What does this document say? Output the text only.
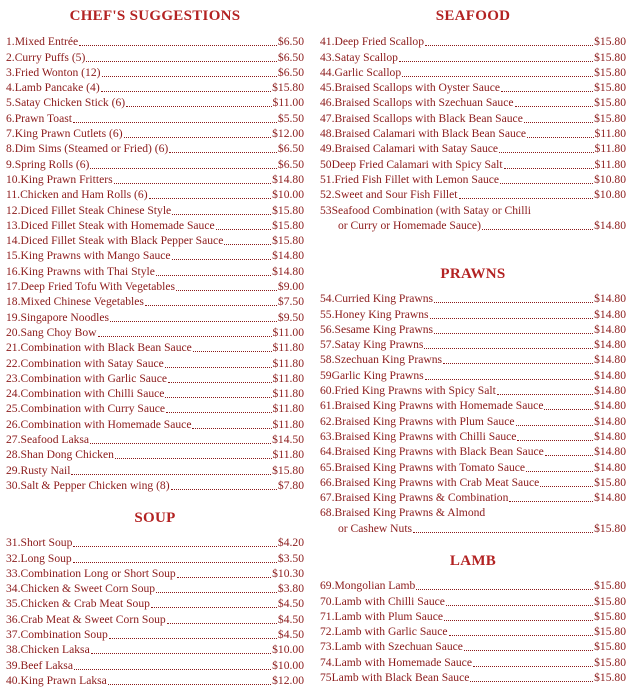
CHEF'S SUGGESTIONS
1. Mixed Entrée	$6.50
2. Curry Puffs (5)	$6.50
3. Fried Wonton (12)	$6.50
4. Lamb Pancake (4)	$15.80
5. Satay Chicken Stick (6)	$11.00
6. Prawn Toast	$5.50
7. King Prawn Cutlets (6)	$12.00
8. Dim Sims (Steamed or Fried) (6)	$6.50
9. Spring Rolls (6)	$6.50
10. King Prawn Fritters	$14.80
11. Chicken and Ham Rolls (6)	$10.00
12. Diced Fillet Steak Chinese Style	$15.80
13. Diced Fillet Steak with Homemade Sauce	$15.80
14. Diced Fillet Steak with Black Pepper Sauce	$15.80
15. King Prawns with Mango Sauce	$14.80
16. King Prawns with Thai Style	$14.80
17. Deep Fried Tofu With Vegetables	$9.00
18. Mixed Chinese Vegetables	$7.50
19. Singapore Noodles	$9.50
20. Sang Choy Bow	$11.00
21. Combination with Black Bean Sauce	$11.80
22. Combination with Satay Sauce	$11.80
23. Combination with Garlic Sauce	$11.80
24. Combination with Chilli Sauce	$11.80
25. Combination with Curry Sauce	$11.80
26. Combination with Homemade Sauce	$11.80
27. Seafood Laksa	$14.50
28. Shan Dong Chicken	$11.80
29. Rusty Nail	$15.80
30. Salt & Pepper Chicken wing (8)	$7.80
SOUP
31. Short Soup	$4.20
32. Long Soup	$3.50
33. Combination Long or Short Soup	$10.30
34. Chicken & Sweet Corn Soup	$3.80
35. Chicken & Crab Meat Soup	$4.50
36. Crab Meat & Sweet Corn Soup	$4.50
37. Combination Soup	$4.50
38. Chicken Laksa	$10.00
39. Beef Laksa	$10.00
40. King Prawn Laksa	$12.00
SEAFOOD
41. Deep Fried Scallop	$15.80
43. Satay Scallop	$15.80
44. Garlic Scallop	$15.80
45. Braised Scallops with Oyster Sauce	$15.80
46. Braised Scallops with Szechuan Sauce	$15.80
47. Braised Scallops with Black Bean Sauce	$15.80
48. Braised Calamari with Black Bean Sauce	$11.80
49. Braised Calamari with Satay Sauce	$11.80
50 Deep Fried Calamari with Spicy Salt	$11.80
51. Fried Fish Fillet with Lemon Sauce	$10.80
52. Sweet and Sour Fish Fillet	$10.80
53 Seafood Combination (with Satay or Chilli
or Curry or Homemade Sauce)	$14.80
PRAWNS
54. Curried King Prawns	$14.80
55. Honey King Prawns	$14.80
56. Sesame King Prawns	$14.80
57. Satay King Prawns	$14.80
58. Szechuan King Prawns	$14.80
59 Garlic King Prawns	$14.80
60. Fried King Prawns with Spicy Salt	$14.80
61. Braised King Prawns with Homemade Sauce	$14.80
62. Braised King Prawns with Plum Sauce	$14.80
63. Braised King Prawns with Chilli Sauce	$14.80
64. Braised King Prawns with Black Bean Sauce	$14.80
65. Braised King Prawns with Tomato Sauce	$14.80
66. Braised King Prawns with Crab Meat Sauce	$15.80
67. Braised King Prawns & Combination	$14.80
68. Braised King Prawns & Almond
or Cashew Nuts	$15.80
LAMB
69. Mongolian Lamb	$15.80
70. Lamb with Chilli Sauce	$15.80
71. Lamb with Plum Sauce	$15.80
72. Lamb with Garlic Sauce	$15.80
73. Lamb with Szechuan Sauce	$15.80
74. Lamb with Homemade Sauce	$15.80
75 Lamb with Black Bean Sauce	$15.80
